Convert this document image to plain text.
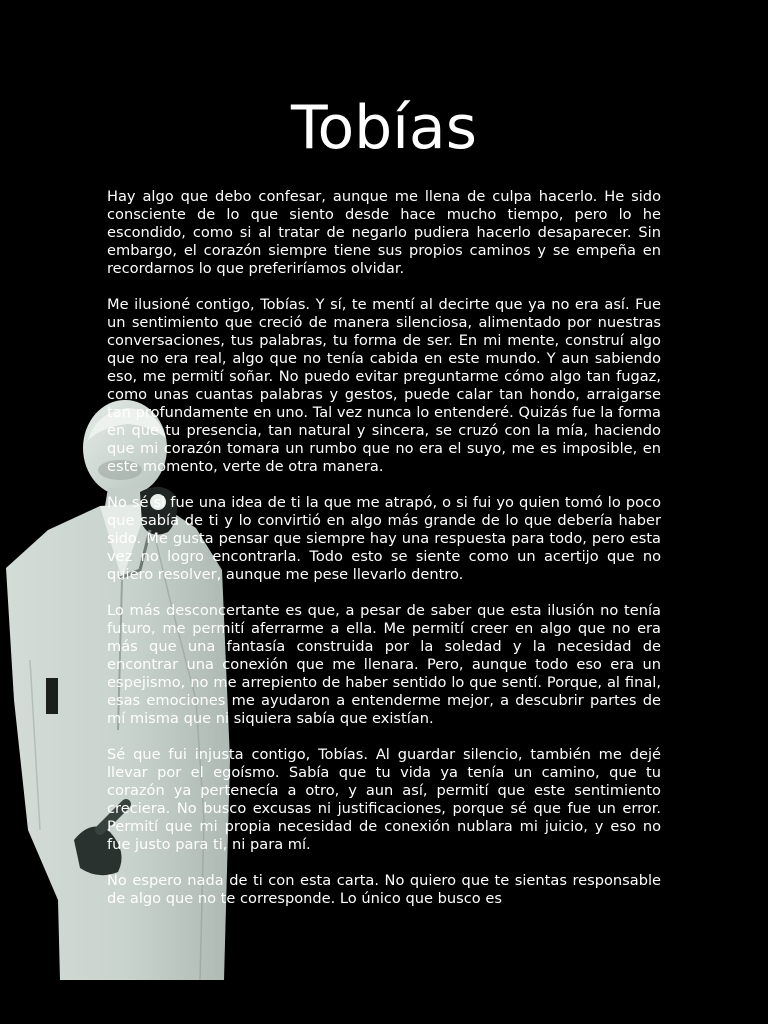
Tobías

Hay algo que debo confesar, aunque me llena de culpa hacerlo. He sido consciente de lo que siento desde hace mucho tiempo, pero lo he escondido, como si al tratar de negarlo pudiera hacerlo desaparecer. Sin embargo, el corazón siempre tiene sus propios caminos y se empeña en recordarnos lo que preferiríamos olvidar.

Me ilusioné contigo, Tobías. Y sí, te mentí al decirte que ya no era así. Fue un sentimiento que creció de manera silenciosa, alimentado por nuestras conversaciones, tus palabras, tu forma de ser. En mi mente, construí algo que no era real, algo que no tenía cabida en este mundo. Y aun sabiendo eso, me permití soñar. No puedo evitar preguntarme cómo algo tan fugaz, como unas cuantas palabras y gestos, puede calar tan hondo, arraigarse tan profundamente en uno. Tal vez nunca lo entenderé. Quizás fue la forma en que tu presencia, tan natural y sincera, se cruzó con la mía, haciendo que mi corazón tomara un rumbo que no era el suyo, me es imposible, en este momento, verte de otra manera.

No sé si fue una idea de ti la que me atrapó, o si fui yo quien tomó lo poco que sabía de ti y lo convirtió en algo más grande de lo que debería haber sido. Me gusta pensar que siempre hay una respuesta para todo, pero esta vez no logro encontrarla. Todo esto se siente como un acertijo que no quiero resolver, aunque me pese llevarlo dentro.

Lo más desconcertante es que, a pesar de saber que esta ilusión no tenía futuro, me permití aferrarme a ella. Me permití creer en algo que no era más que una fantasía construida por la soledad y la necesidad de encontrar una conexión que me llenara. Pero, aunque todo eso era un espejismo, no me arrepiento de haber sentido lo que sentí. Porque, al final, esas emociones me ayudaron a entenderme mejor, a descubrir partes de mí misma que ni siquiera sabía que existían.

Sé que fui injusta contigo, Tobías. Al guardar silencio, también me dejé llevar por el egoísmo. Sabía que tu vida ya tenía un camino, que tu corazón ya pertenecía a otro, y aun así, permití que este sentimiento creciera. No busco excusas ni justificaciones, porque sé que fue un error. Permití que mi propia necesidad de conexión nublara mi juicio, y eso no fue justo para ti, ni para mí.

No espero nada de ti con esta carta. No quiero que te sientas responsable de algo que no te corresponde. Lo único que busco es
